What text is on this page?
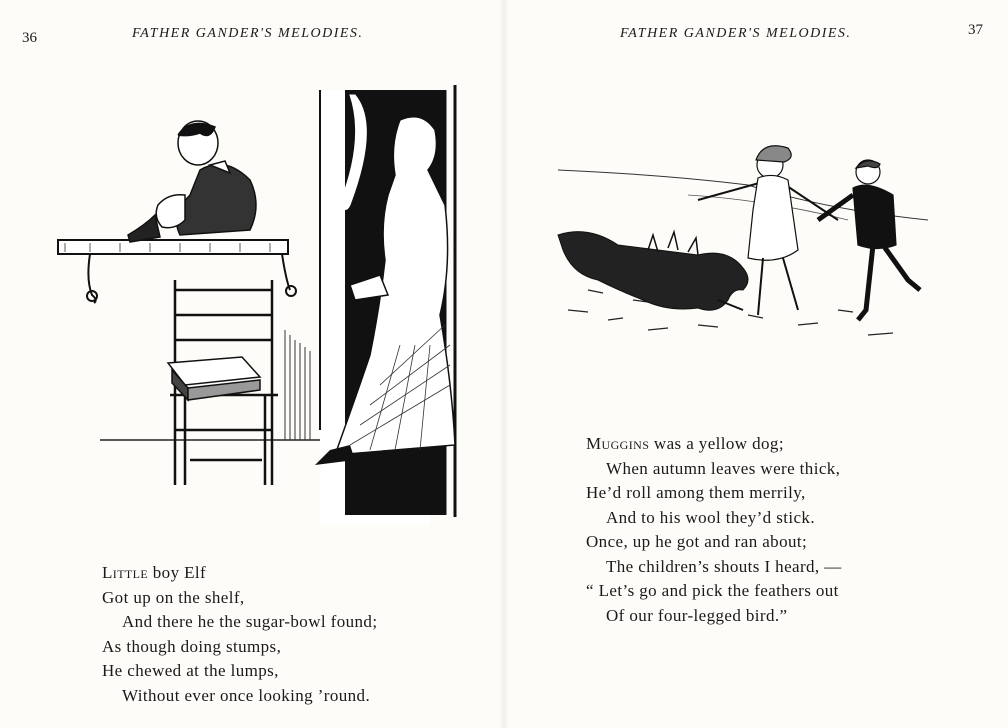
36	FATHER GANDER'S MELODIES.
Little boy Elf
Got up on the shelf,
And there he the sugar-bowl found;
As though doing stumps,
He chewed at the lumps,
Without ever once looking ’round.
FATHER GANDER'S MELODIES.	37
Muggins was a yellow dog;
When autumn leaves were thick,
He’d roll among them merrily,
And to his wool they’d stick.
Once, up he got and ran about;
The children’s shouts I heard, —
“ Let’s go and pick the feathers out
Of our four-legged bird.”
